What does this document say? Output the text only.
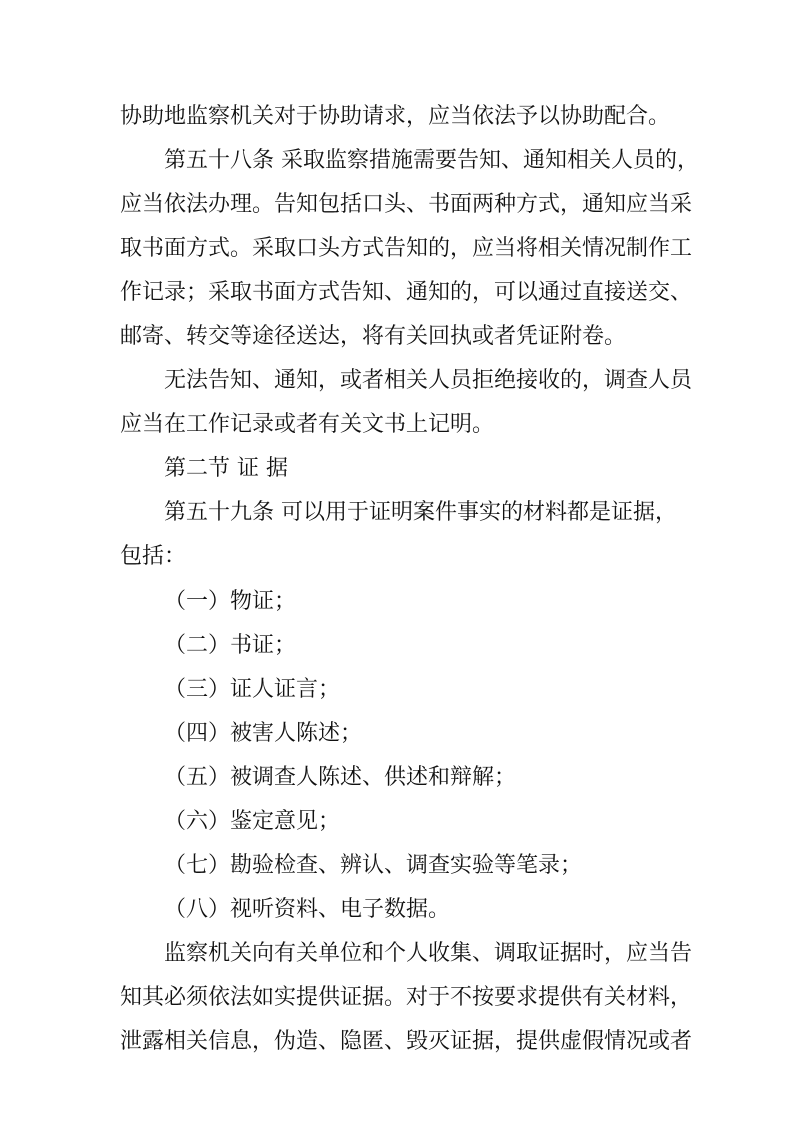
协助地监察机关对于协助请求，应当依法予以协助配合。
第五十八条 采取监察措施需要告知、通知相关人员的，
应当依法办理。告知包括口头、书面两种方式，通知应当采
取书面方式。采取口头方式告知的，应当将相关情况制作工
作记录；采取书面方式告知、通知的，可以通过直接送交、
邮寄、转交等途径送达，将有关回执或者凭证附卷。
无法告知、通知，或者相关人员拒绝接收的，调查人员
应当在工作记录或者有关文书上记明。
第二节 证 据
第五十九条 可以用于证明案件事实的材料都是证据，
包括：
（一）物证；
（二）书证；
（三）证人证言；
（四）被害人陈述；
（五）被调查人陈述、供述和辩解；
（六）鉴定意见；
（七）勘验检查、辨认、调查实验等笔录；
（八）视听资料、电子数据。
监察机关向有关单位和个人收集、调取证据时，应当告
知其必须依法如实提供证据。对于不按要求提供有关材料，
泄露相关信息，伪造、隐匿、毁灭证据，提供虚假情况或者
